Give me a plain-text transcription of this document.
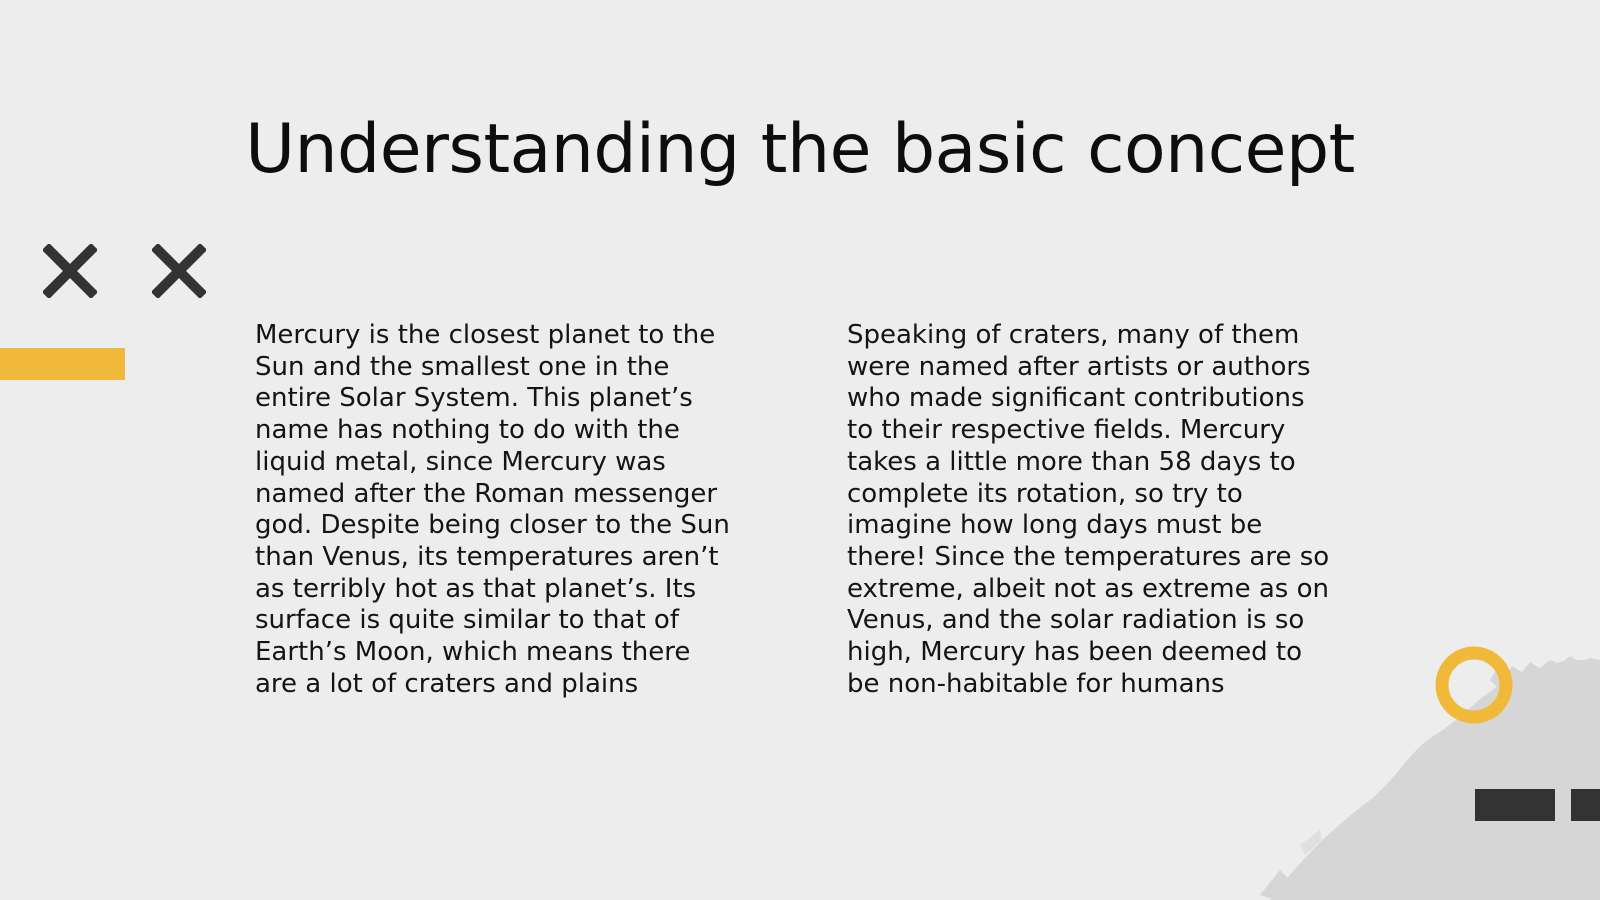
Understanding the basic concept

Mercury is the closest planet to the
Sun and the smallest one in the
entire Solar System. This planet’s
name has nothing to do with the
liquid metal, since Mercury was
named after the Roman messenger
god. Despite being closer to the Sun
than Venus, its temperatures aren’t
as terribly hot as that planet’s. Its
surface is quite similar to that of
Earth’s Moon, which means there
are a lot of craters and plains

Speaking of craters, many of them
were named after artists or authors
who made significant contributions
to their respective fields. Mercury
takes a little more than 58 days to
complete its rotation, so try to
imagine how long days must be
there! Since the temperatures are so
extreme, albeit not as extreme as on
Venus, and the solar radiation is so
high, Mercury has been deemed to
be non-habitable for humans
